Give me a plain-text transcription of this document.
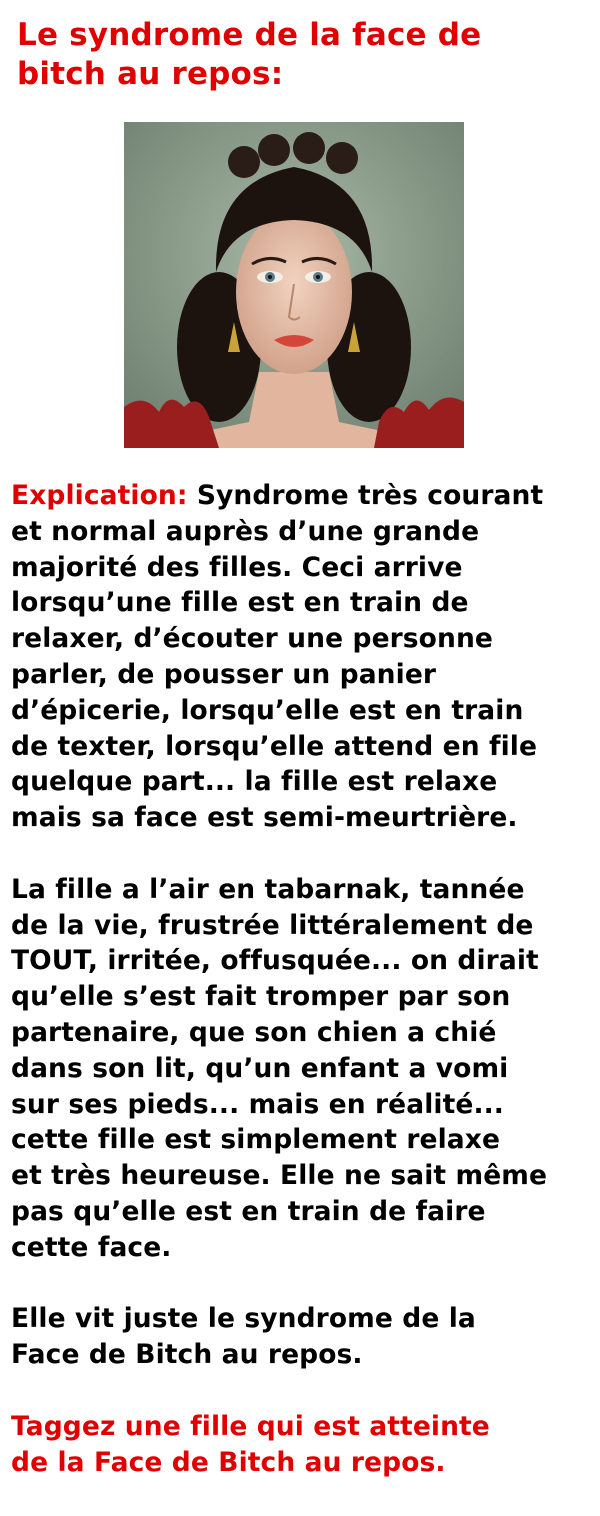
Le syndrome de la face de
bitch au repos:

Explication: Syndrome très courant
et normal auprès d’une grande
majorité des filles. Ceci arrive
lorsqu’une fille est en train de
relaxer, d’écouter une personne
parler, de pousser un panier
d’épicerie, lorsqu’elle est en train
de texter, lorsqu’elle attend en file
quelque part... la fille est relaxe
mais sa face est semi-meurtrière.

La fille a l’air en tabarnak, tannée
de la vie, frustrée littéralement de
TOUT, irritée, offusquée... on dirait
qu’elle s’est fait tromper par son
partenaire, que son chien a chié
dans son lit, qu’un enfant a vomi
sur ses pieds... mais en réalité...
cette fille est simplement relaxe
et très heureuse. Elle ne sait même
pas qu’elle est en train de faire
cette face.

Elle vit juste le syndrome de la
Face de Bitch au repos.

Taggez une fille qui est atteinte
de la Face de Bitch au repos.
